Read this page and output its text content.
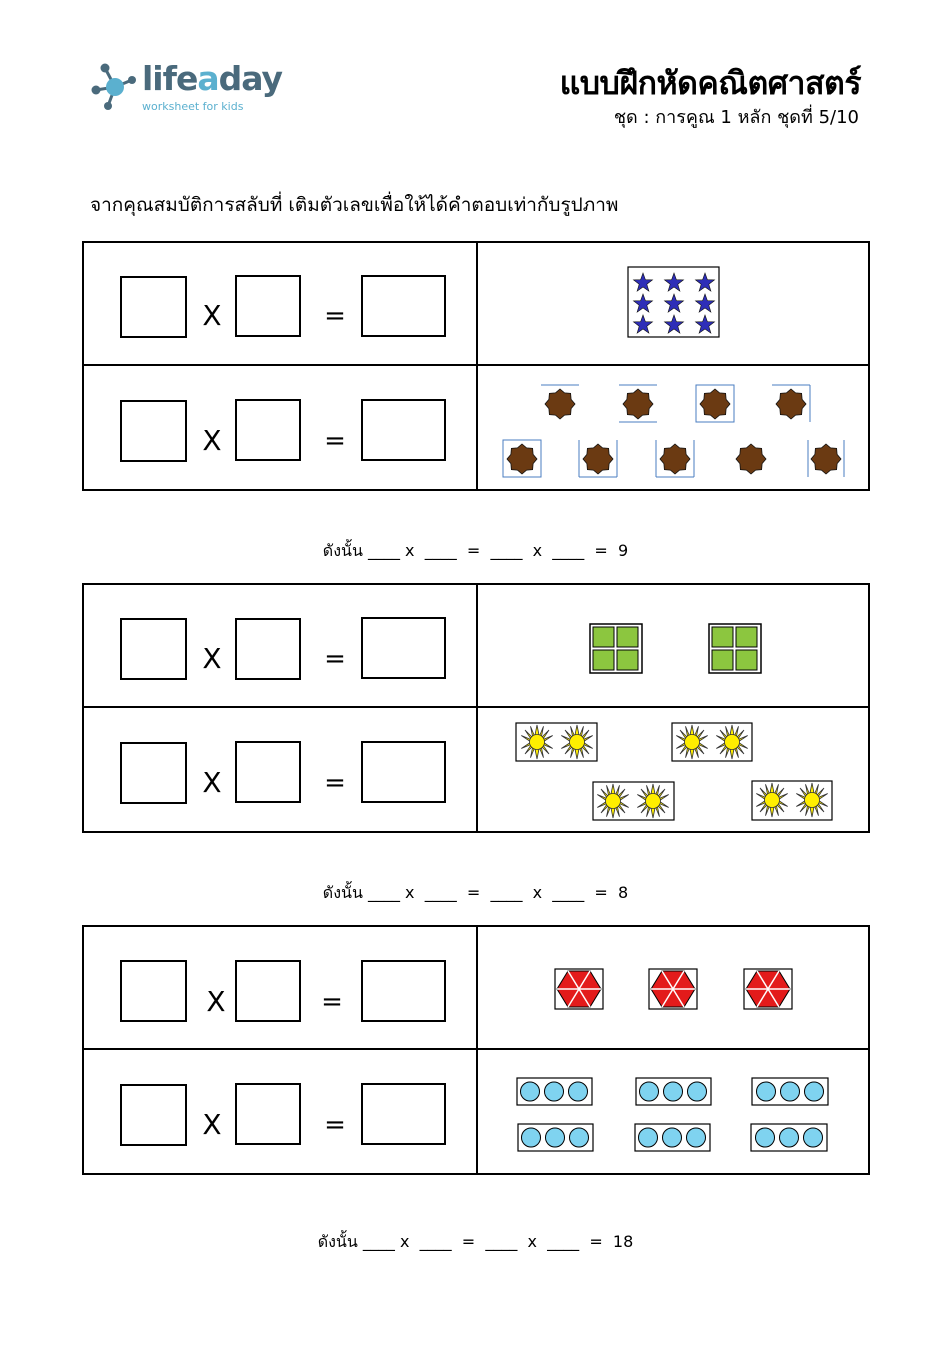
lifeaday
worksheet for kids
แบบฝึกหัดคณิตศาสตร์
ชุด : การคูณ 1 หลัก ชุดที่ 5/10
จากคุณสมบัติการสลับที่ เติมตัวเลขเพื่อให้ได้คำตอบเท่ากับรูปภาพ
X	=
X	=
ดังนั้น ____ x  ____  =  ____  x  ____  =  9
X	=
X	=
ดังนั้น ____ x  ____  =  ____  x  ____  =  8
X	=
X	=
ดังนั้น ____ x  ____  =  ____  x  ____  =  18
